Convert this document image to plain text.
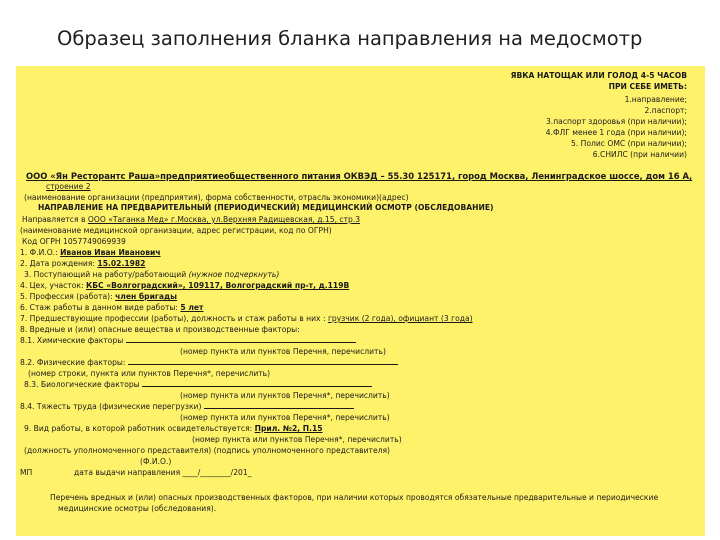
Образец заполнения бланка направления на медосмотр
ЯВКА НАТОЩАК ИЛИ ГОЛОД 4-5 ЧАСОВ
ПРИ СЕБЕ ИМЕТЬ:
1.направление;
2.паспорт;
3.паспорт здоровья (при наличии);
4.ФЛГ менее 1 года (при наличии);
5. Полис ОМС (при наличии);
6.СНИЛС (при наличии)
ООО «Ян Ресторантс Раша»предприятиеобщественного питания ОКВЭД – 55.30 125171, город Москва, Ленинградское шоссе, дом 16 А,
строение 2
(наименование организации (предприятия), форма собственности, отрасль экономики)(адрес)
НАПРАВЛЕНИЕ НА ПРЕДВАРИТЕЛЬНЫЙ (ПЕРИОДИЧЕСКИЙ) МЕДИЦИНСКИЙ ОСМОТР (ОБСЛЕДОВАНИЕ)
Направляется в ООО «Таганка Мед» г.Москва, ул.Верхняя Радищевская, д.15, стр.3
(наименование медицинской организации, адрес регистрации, код по ОГРН)
Код ОГРН 1057749069939
1. Ф.И.О.: Иванов Иван Иванович
2. Дата рождения: 15.02.1982
3. Поступающий на работу/работающий (нужное подчеркнуть)
4. Цех, участок: КБС «Волгоградский», 109117, Волгоградский пр-т, д.119В
5. Профессия (работа): член бригады
6. Стаж работы в данном виде работы: 5 лет
7. Предшествующие профессии (работы), должность и стаж работы в них : грузчик (2 года), официант (3 года)
8. Вредные и (или) опасные вещества и производственные факторы:
8.1. Химические факторы
(номер пункта или пунктов Перечня, перечислить)
8.2. Физические факторы:
(номер строки, пункта или пунктов Перечня*, перечислить)
8.3. Биологические факторы
(номер пункта или пунктов Перечня*, перечислить)
8.4. Тяжесть труда (физические перегрузки)
(номер пункта или пунктов Перечня*, перечислить)
9. Вид работы, в которой работник освидетельствуется: Прил. №2, П.15
(номер пункта или пунктов Перечня*, перечислить)
(должность уполномоченного представителя) (подпись уполномоченного представителя)
(Ф.И.О.)
МП	дата выдачи направления ____/________/201_
Перечень вредных и (или) опасных производственных факторов, при наличии которых проводятся обязательные предварительные и периодические
медицинские осмотры (обследования).
